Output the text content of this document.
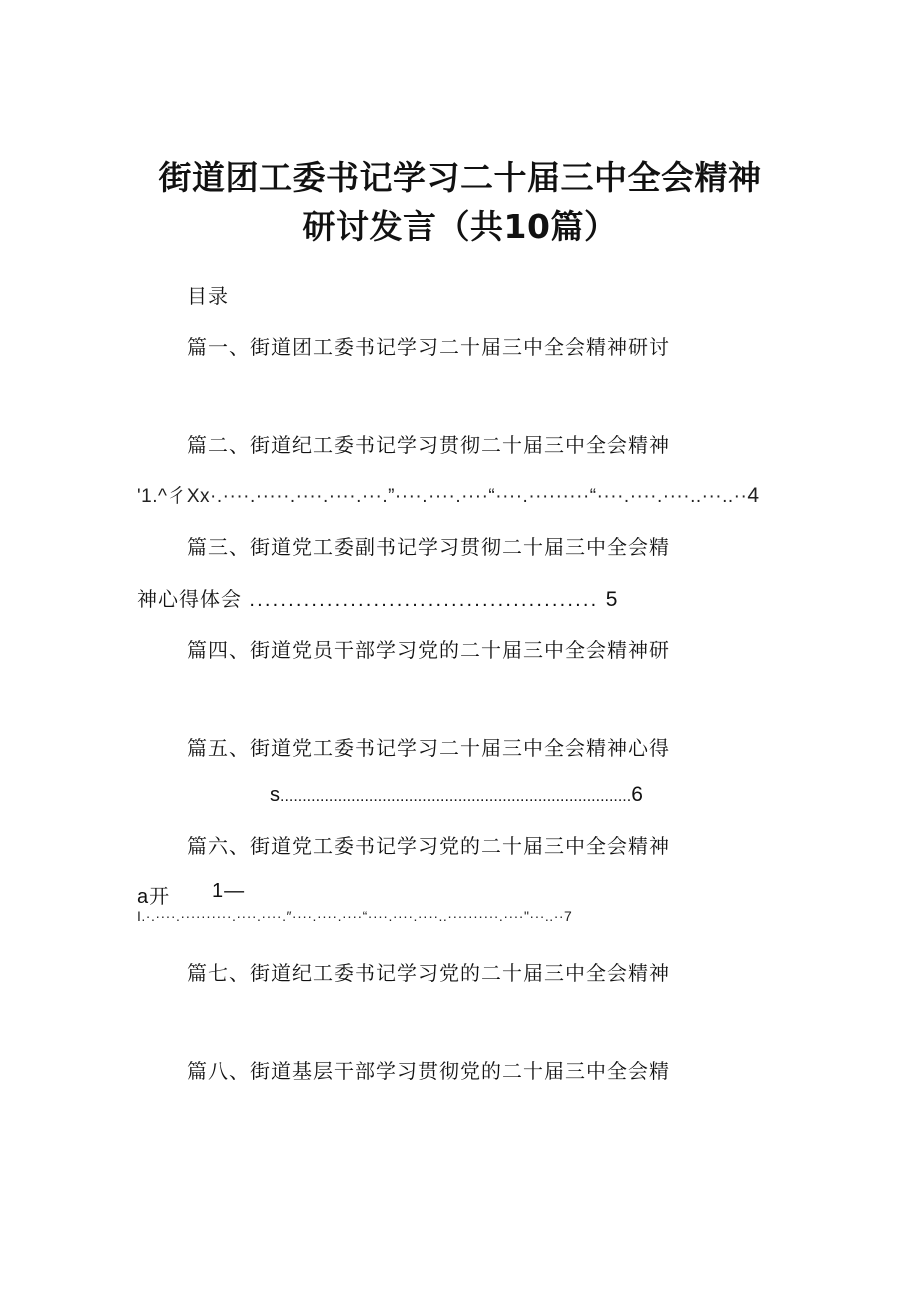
街道团工委书记学习二十届三中全会精神
研讨发言（共10篇）
目录
篇一、街道团工委书记学习二十届三中全会精神研讨
篇二、街道纪工委书记学习贯彻二十届三中全会精神
'1.^彳Xx·.····.·····.····.····.···.”····.····.····“····.·········“····.····.····..···..··4
篇三、街道党工委副书记学习贯彻二十届三中全会精
神心得体会 ............................................. 5
篇四、街道党员干部学习党的二十届三中全会精神研
篇五、街道党工委书记学习二十届三中全会精神心得
s...............................................................................6
篇六、街道党工委书记学习党的二十届三中全会精神
a开 1—
I.·.····.··········.····.····.″····.····.····“····.····.····..··········.····"···..··7
篇七、街道纪工委书记学习党的二十届三中全会精神
篇八、街道基层干部学习贯彻党的二十届三中全会精
